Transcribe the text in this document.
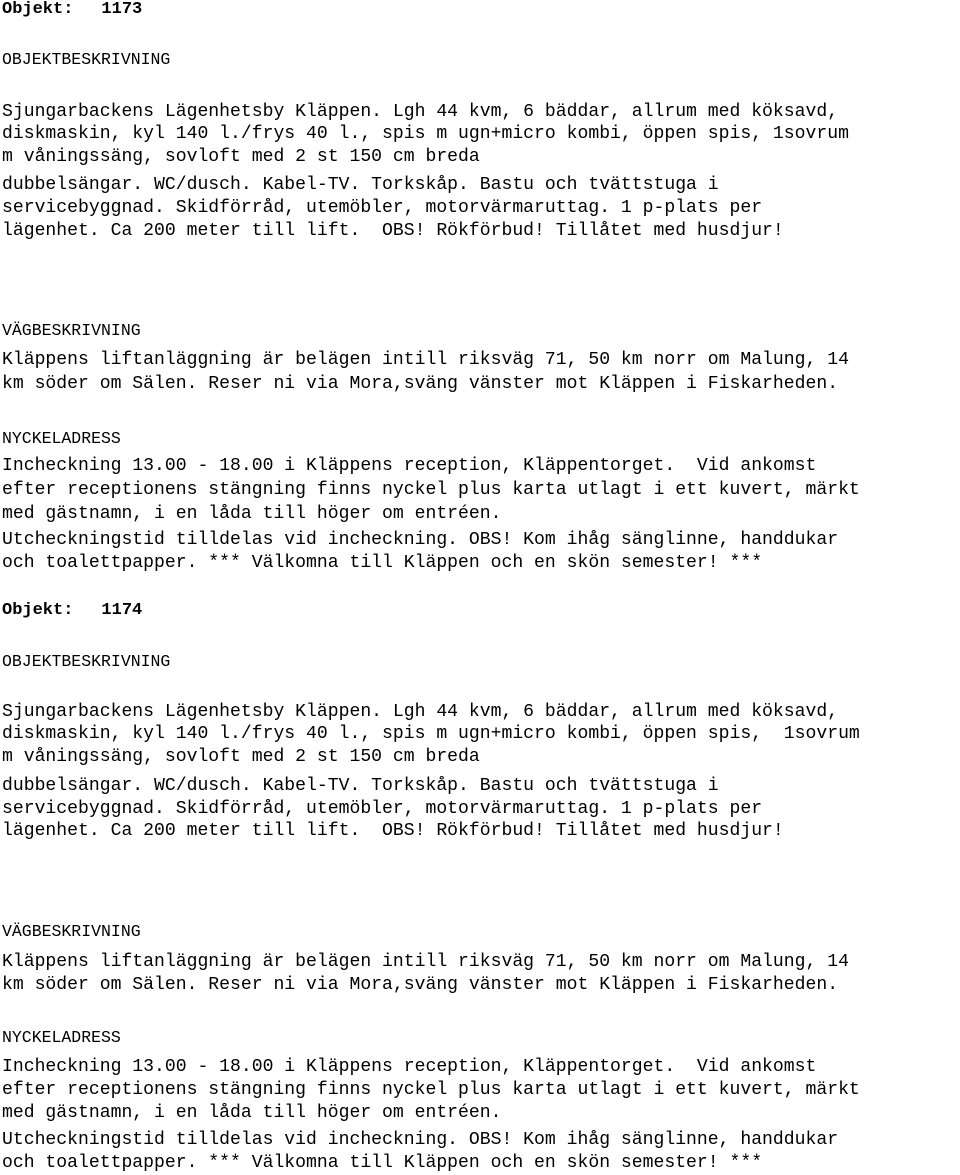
Objekt: 1173
OBJEKTBESKRIVNING
Sjungarbackens Lägenhetsby Kläppen. Lgh 44 kvm, 6 bäddar, allrum med köksavd,
diskmaskin, kyl 140 l./frys 40 l., spis m ugn+micro kombi, öppen spis, 1sovrum
m våningssäng, sovloft med 2 st 150 cm breda
dubbelsängar. WC/dusch. Kabel-TV. Torkskåp. Bastu och tvättstuga i
servicebyggnad. Skidförråd, utemöbler, motorvärmaruttag. 1 p-plats per
lägenhet. Ca 200 meter till lift.  OBS! Rökförbud! Tillåtet med husdjur!
VÄGBESKRIVNING
Kläppens liftanläggning är belägen intill riksväg 71, 50 km norr om Malung, 14
km söder om Sälen. Reser ni via Mora,sväng vänster mot Kläppen i Fiskarheden.
NYCKELADRESS
Incheckning 13.00 - 18.00 i Kläppens reception, Kläppentorget.  Vid ankomst
efter receptionens stängning finns nyckel plus karta utlagt i ett kuvert, märkt
med gästnamn, i en låda till höger om entréen.
Utcheckningstid tilldelas vid incheckning. OBS! Kom ihåg sänglinne, handdukar
och toalettpapper. *** Välkomna till Kläppen och en skön semester! ***
Objekt: 1174
OBJEKTBESKRIVNING
Sjungarbackens Lägenhetsby Kläppen. Lgh 44 kvm, 6 bäddar, allrum med köksavd,
diskmaskin, kyl 140 l./frys 40 l., spis m ugn+micro kombi, öppen spis,  1sovrum
m våningssäng, sovloft med 2 st 150 cm breda
dubbelsängar. WC/dusch. Kabel-TV. Torkskåp. Bastu och tvättstuga i
servicebyggnad. Skidförråd, utemöbler, motorvärmaruttag. 1 p-plats per
lägenhet. Ca 200 meter till lift.  OBS! Rökförbud! Tillåtet med husdjur!
VÄGBESKRIVNING
Kläppens liftanläggning är belägen intill riksväg 71, 50 km norr om Malung, 14
km söder om Sälen. Reser ni via Mora,sväng vänster mot Kläppen i Fiskarheden.
NYCKELADRESS
Incheckning 13.00 - 18.00 i Kläppens reception, Kläppentorget.  Vid ankomst
efter receptionens stängning finns nyckel plus karta utlagt i ett kuvert, märkt
med gästnamn, i en låda till höger om entréen.
Utcheckningstid tilldelas vid incheckning. OBS! Kom ihåg sänglinne, handdukar
och toalettpapper. *** Välkomna till Kläppen och en skön semester! ***
